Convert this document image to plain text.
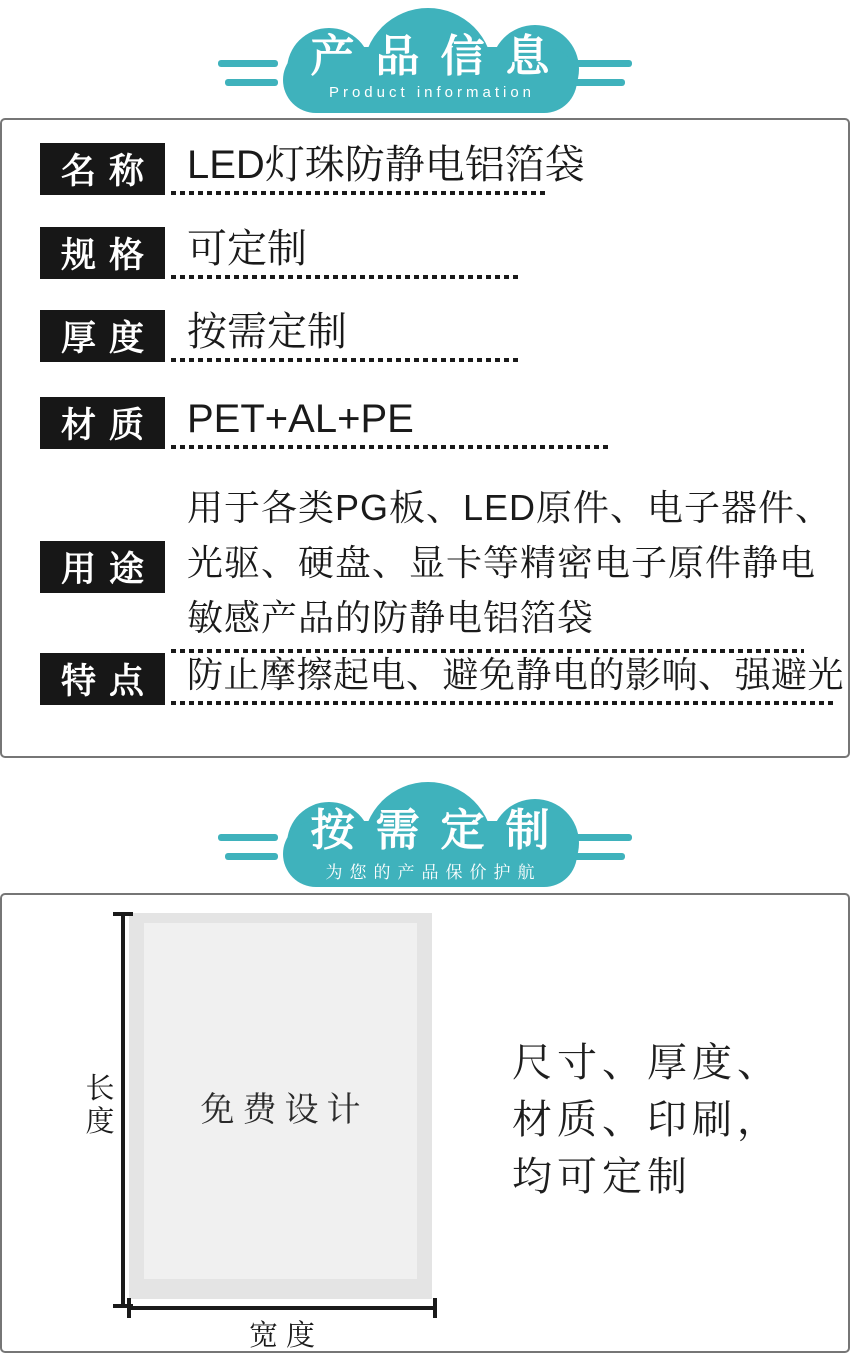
产品信息
Product information
名称 LED灯珠防静电铝箔袋
规格 可定制
厚度 按需定制
材质 PET+AL+PE
用途
用于各类PG板、LED原件、电子器件、
光驱、硬盘、显卡等精密电子原件静电
敏感产品的防静电铝箔袋
特点 防止摩擦起电、避免静电的影响、强避光
按需定制
为您的产品保价护航
免费设计
长度
宽度
尺寸、厚度、
材质、印刷，
均可定制
